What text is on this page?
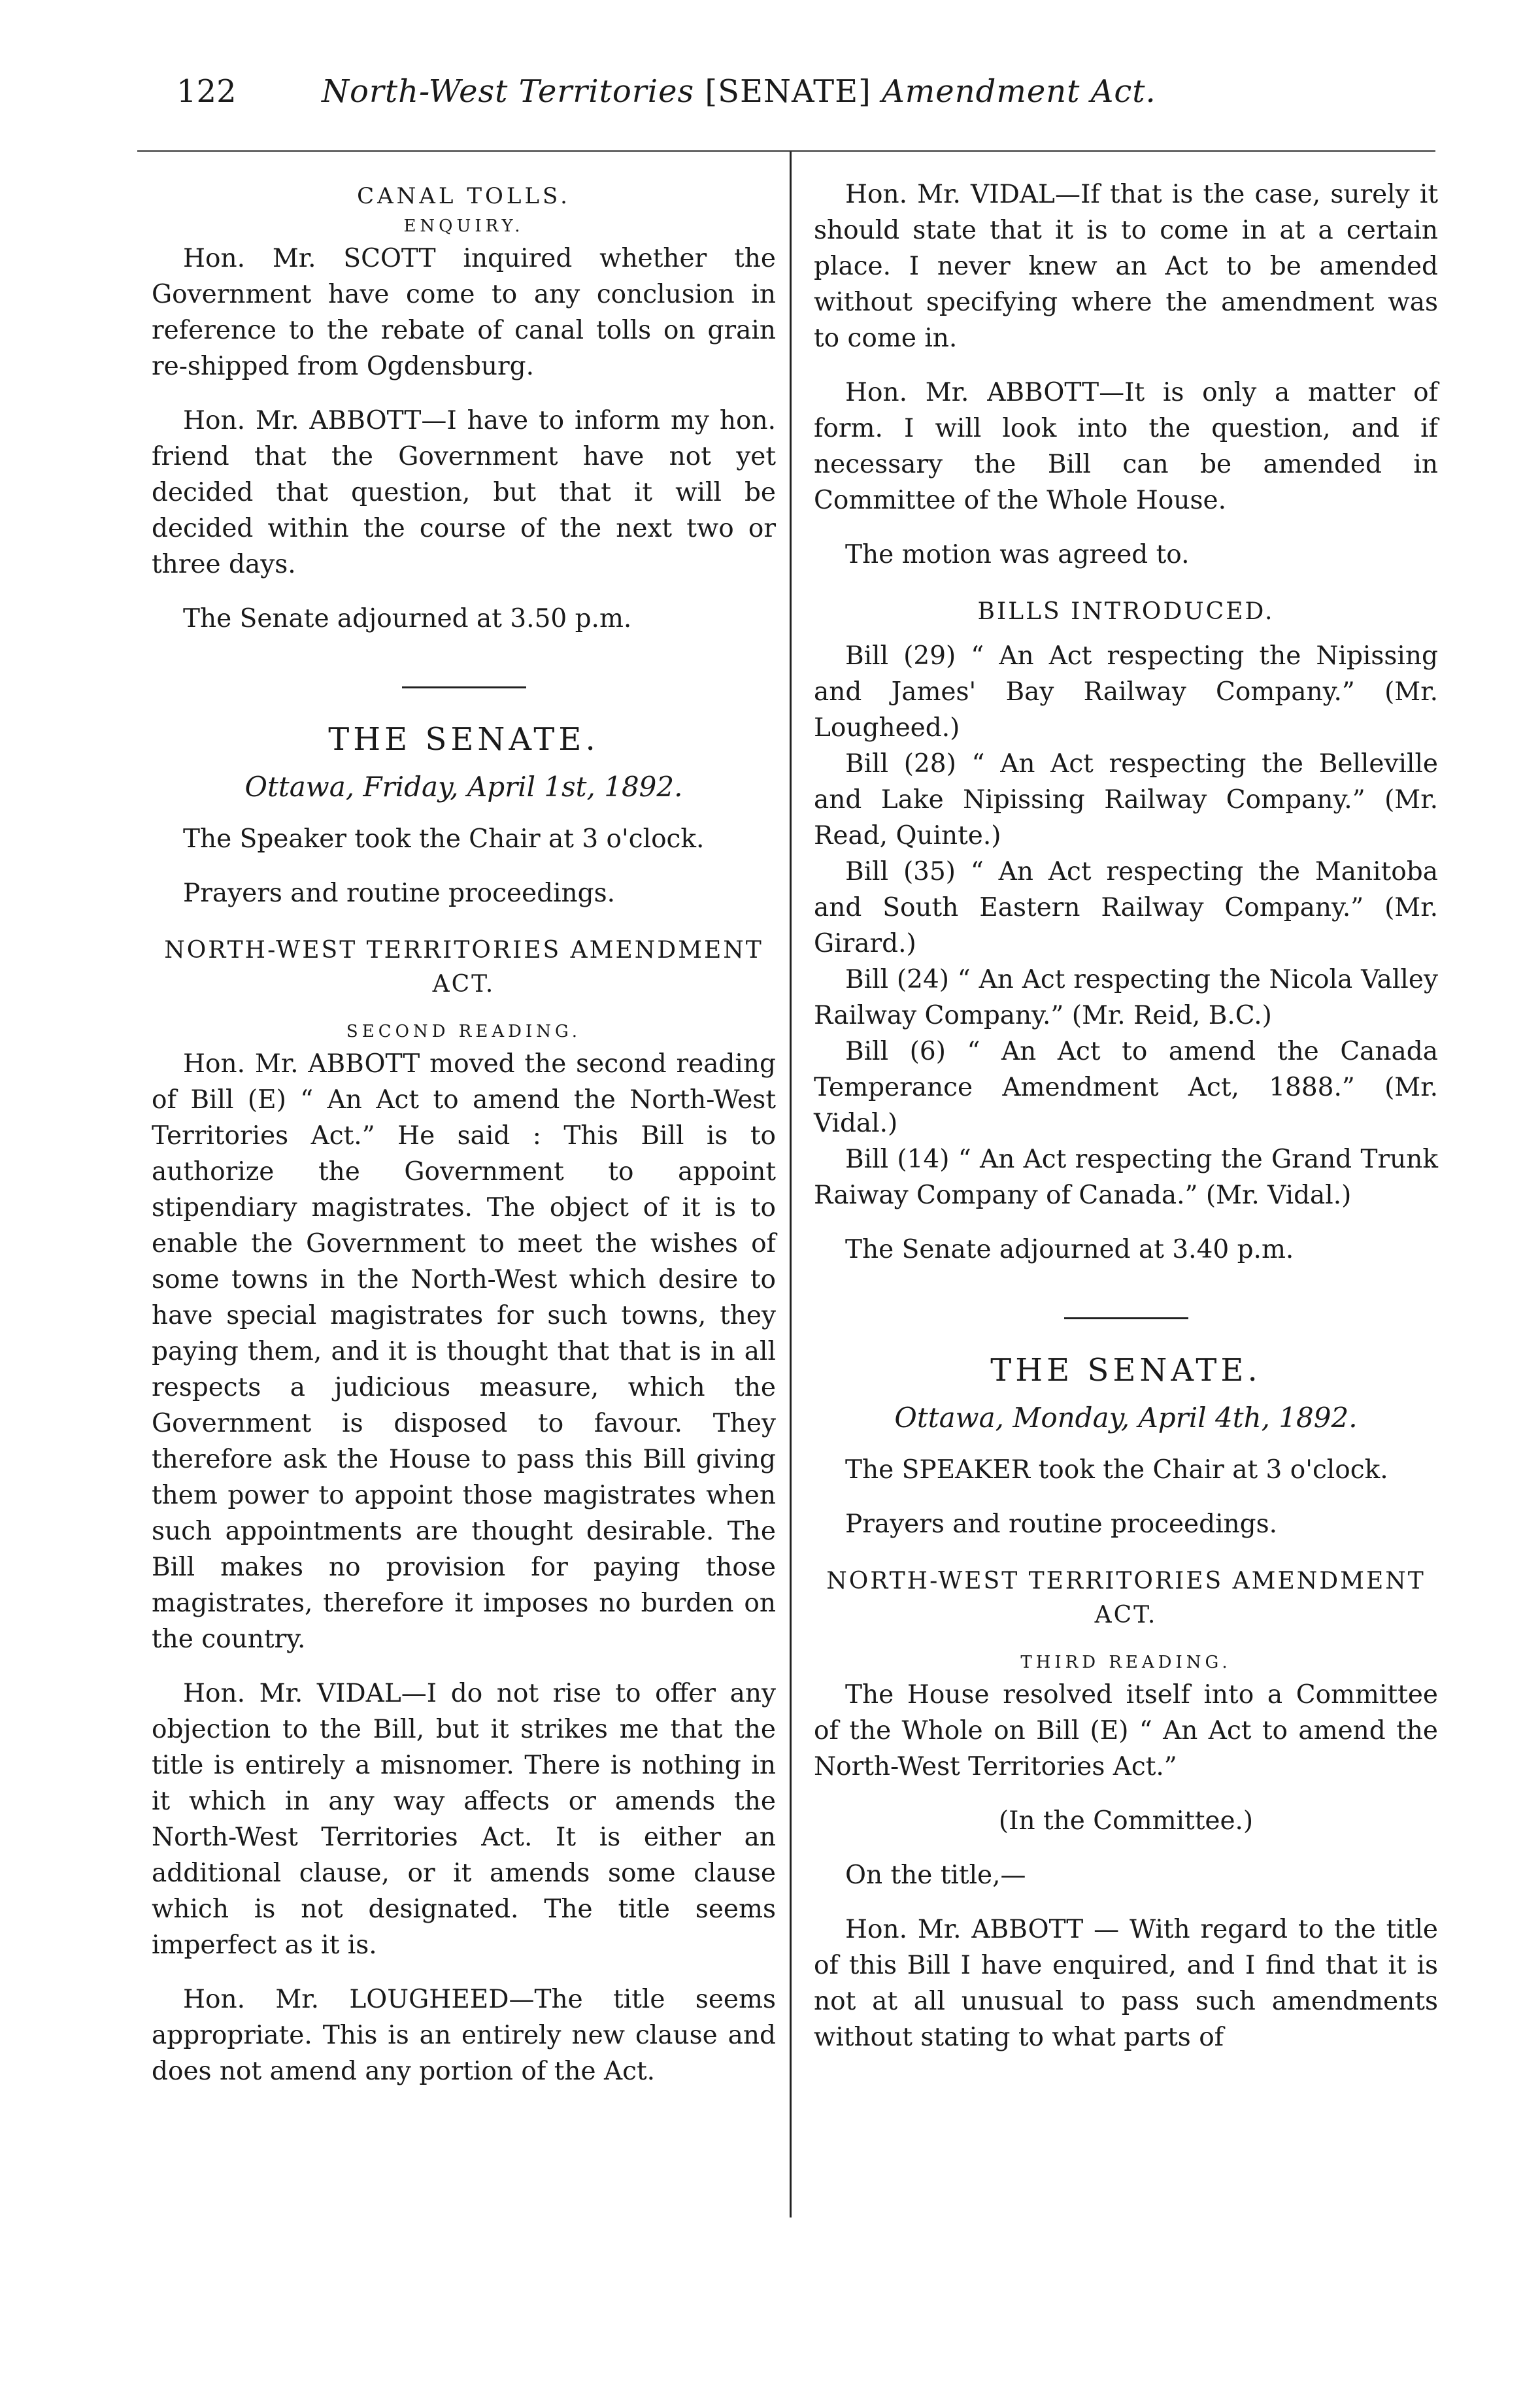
122	North-West Territories [SENATE] Amendment Act.
CANAL TOLLS.
ENQUIRY.

Hon. Mr. SCOTT inquired whether the Government have come to any conclusion in reference to the rebate of canal tolls on grain re-shipped from Ogdensburg.

Hon. Mr. ABBOTT—I have to inform my hon. friend that the Government have not yet decided that question, but that it will be decided within the course of the next two or three days.

The Senate adjourned at 3.50 p.m.

THE SENATE.
Ottawa, Friday, April 1st, 1892.

The Speaker took the Chair at 3 o'clock.

Prayers and routine proceedings.

NORTH-WEST TERRITORIES AMENDMENT ACT.
SECOND READING.

Hon. Mr. ABBOTT moved the second reading of Bill (E) “ An Act to amend the North-West Territories Act.” He said : This Bill is to authorize the Government to appoint stipendiary magistrates. The object of it is to enable the Government to meet the wishes of some towns in the North-West which desire to have special magistrates for such towns, they paying them, and it is thought that that is in all respects a judicious measure, which the Government is disposed to favour. They therefore ask the House to pass this Bill giving them power to appoint those magistrates when such appointments are thought desirable. The Bill makes no provision for paying those magistrates, therefore it imposes no burden on the country.

Hon. Mr. VIDAL—I do not rise to offer any objection to the Bill, but it strikes me that the title is entirely a misnomer. There is nothing in it which in any way affects or amends the North-West Territories Act. It is either an additional clause, or it amends some clause which is not designated. The title seems imperfect as it is.

Hon. Mr. LOUGHEED—The title seems appropriate. This is an entirely new clause and does not amend any portion of the Act.

Hon. Mr. VIDAL—If that is the case, surely it should state that it is to come in at a certain place. I never knew an Act to be amended without specifying where the amendment was to come in.

Hon. Mr. ABBOTT—It is only a matter of form. I will look into the question, and if necessary the Bill can be amended in Committee of the Whole House.

The motion was agreed to.

BILLS INTRODUCED.

Bill (29) “ An Act respecting the Nipissing and James' Bay Railway Company.” (Mr. Lougheed.)

Bill (28) “ An Act respecting the Belleville and Lake Nipissing Railway Company.” (Mr. Read, Quinte.)

Bill (35) “ An Act respecting the Manitoba and South Eastern Railway Company.” (Mr. Girard.)

Bill (24) “ An Act respecting the Nicola Valley Railway Company.” (Mr. Reid, B.C.)

Bill (6) “ An Act to amend the Canada Temperance Amendment Act, 1888.” (Mr. Vidal.)

Bill (14) “ An Act respecting the Grand Trunk Raiway Company of Canada.” (Mr. Vidal.)

The Senate adjourned at 3.40 p.m.

THE SENATE.
Ottawa, Monday, April 4th, 1892.

The SPEAKER took the Chair at 3 o'clock.

Prayers and routine proceedings.

NORTH-WEST TERRITORIES AMENDMENT ACT.
THIRD READING.

The House resolved itself into a Committee of the Whole on Bill (E) “ An Act to amend the North-West Territories Act.”

(In the Committee.)

On the title,—

Hon. Mr. ABBOTT — With regard to the title of this Bill I have enquired, and I find that it is not at all unusual to pass such amendments without stating to what parts of
